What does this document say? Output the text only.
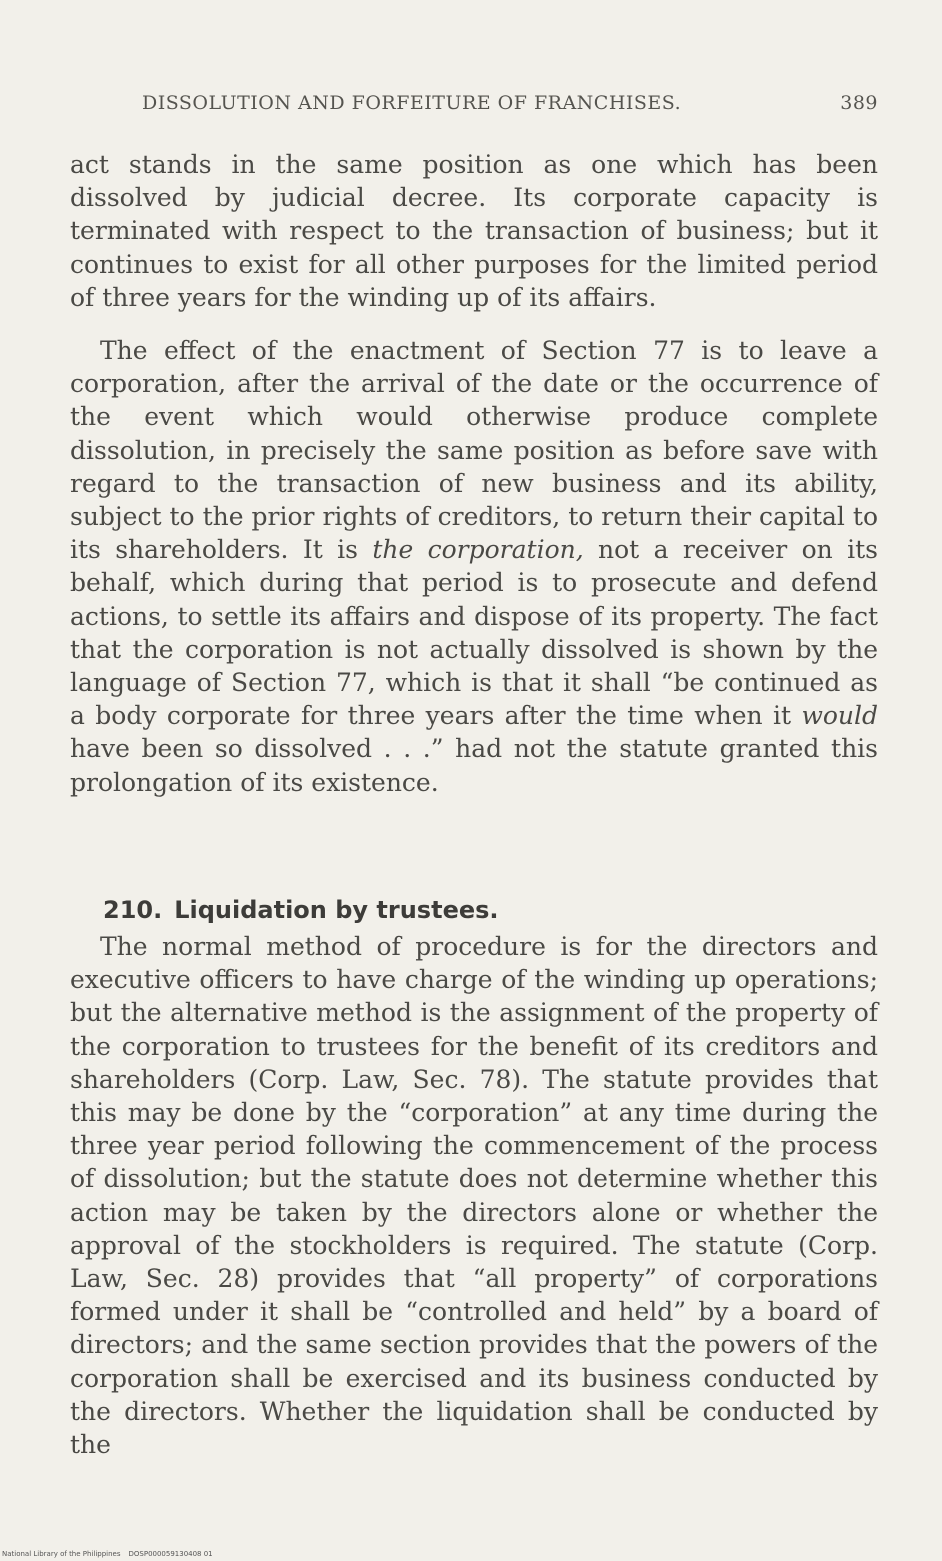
DISSOLUTION AND FORFEITURE OF FRANCHISES.	389

act stands in the same position as one which has been dissolved by judicial decree. Its corporate capacity is terminated with respect to the transaction of business; but it continues to exist for all other purposes for the limited period of three years for the winding up of its affairs.

The effect of the enactment of Section 77 is to leave a corporation, after the arrival of the date or the occurrence of the event which would otherwise produce complete dissolution, in precisely the same position as before save with regard to the transaction of new business and its ability, subject to the prior rights of creditors, to return their capital to its shareholders. It is the corporation, not a receiver on its behalf, which during that period is to prosecute and defend actions, to settle its affairs and dispose of its property. The fact that the corporation is not actually dissolved is shown by the language of Section 77, which is that it shall “be continued as a body corporate for three years after the time when it would have been so dissolved . . .” had not the statute granted this prolongation of its existence.

210. Liquidation by trustees.

The normal method of procedure is for the directors and executive officers to have charge of the winding up operations; but the alternative method is the assignment of the property of the corporation to trustees for the benefit of its creditors and shareholders (Corp. Law, Sec. 78). The statute provides that this may be done by the “corporation” at any time during the three year period following the commencement of the process of dissolution; but the statute does not determine whether this action may be taken by the directors alone or whether the approval of the stockholders is required. The statute (Corp. Law, Sec. 28) provides that “all property” of corporations formed under it shall be “controlled and held” by a board of directors; and the same section provides that the powers of the corporation shall be exercised and its business conducted by the directors. Whether the liquidation shall be conducted by the

National Library of the Philippines DOSP000059130408 01
